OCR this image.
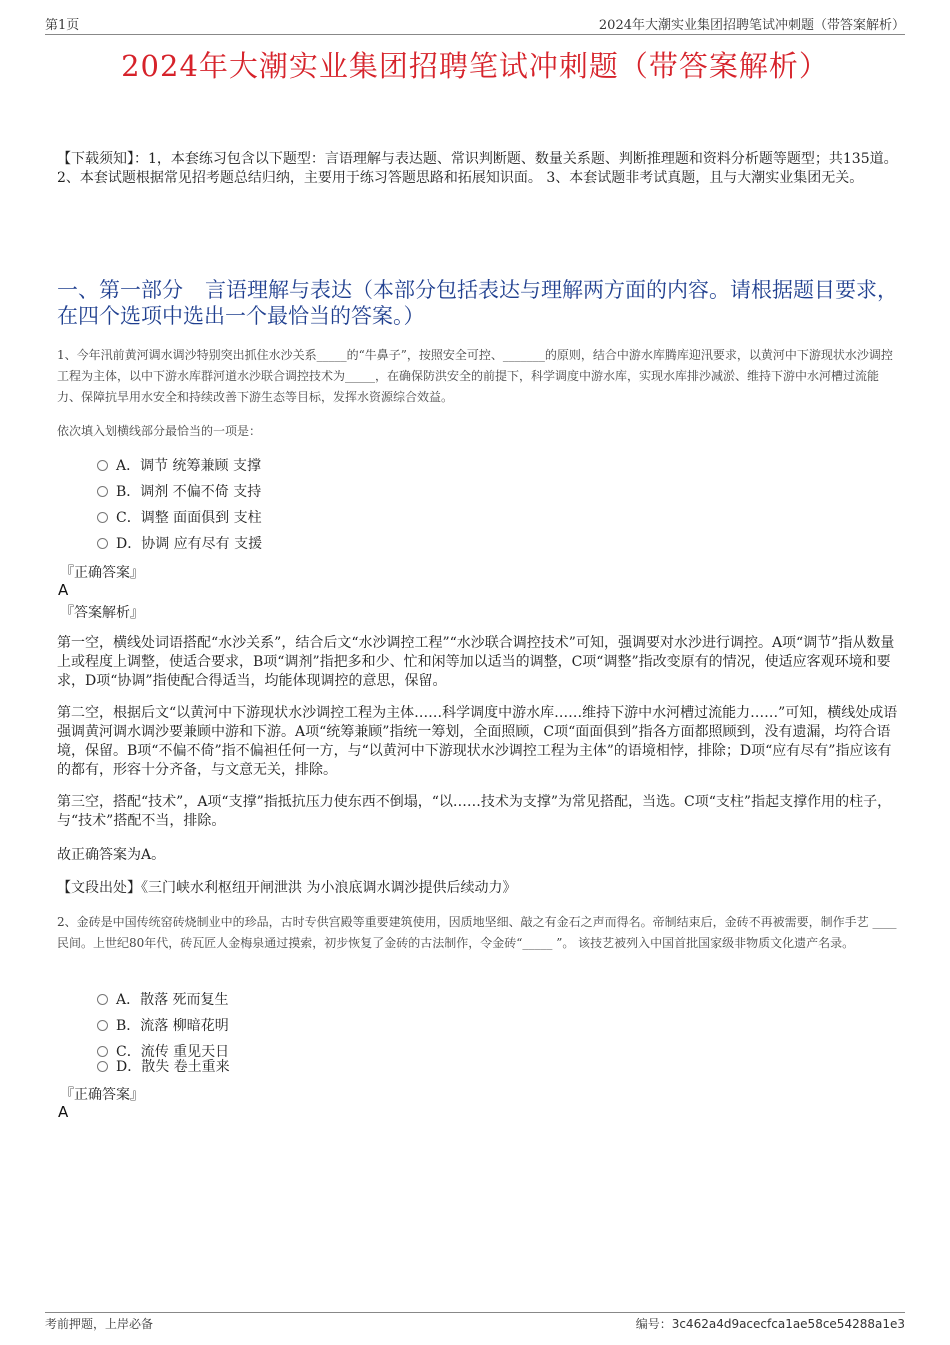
第1页	2024年大潮实业集团招聘笔试冲刺题（带答案解析）
2024年大潮实业集团招聘笔试冲刺题（带答案解析）
【下载须知】：1，本套练习包含以下题型：言语理解与表达题、常识判断题、数量关系题、判断推理题和资料分析题等题型；共135道。 2、本套试题根据常见招考题总结归纳，主要用于练习答题思路和拓展知识面。 3、本套试题非考试真题，且与大潮实业集团无关。
一、第一部分 言语理解与表达（本部分包括表达与理解两方面的内容。请根据题目要求，在四个选项中选出一个最恰当的答案。）
1、今年汛前黄河调水调沙特别突出抓住水沙关系_____的“牛鼻子”，按照安全可控、_______的原则，结合中游水库腾库迎汛要求，以黄河中下游现状水沙调控工程为主体，以中下游水库群河道水沙联合调控技术为_____，在确保防洪安全的前提下，科学调度中游水库，实现水库排沙减淤、维持下游中水河槽过流能力、保障抗旱用水安全和持续改善下游生态等目标，发挥水资源综合效益。
依次填入划横线部分最恰当的一项是：
A．调节 统筹兼顾 支撑
B．调剂 不偏不倚 支持
C．调整 面面俱到 支柱
D．协调 应有尽有 支援
『正确答案』
A
『答案解析』
第一空，横线处词语搭配“水沙关系”，结合后文“水沙调控工程”“水沙联合调控技术”可知，强调要对水沙进行调控。A项“调节”指从数量上或程度上调整，使适合要求，B项“调剂”指把多和少、忙和闲等加以适当的调整，C项“调整”指改变原有的情况，使适应客观环境和要求，D项“协调”指使配合得适当，均能体现调控的意思，保留。
第二空，根据后文“以黄河中下游现状水沙调控工程为主体……科学调度中游水库……维持下游中水河槽过流能力……”可知，横线处成语强调黄河调水调沙要兼顾中游和下游。A项“统筹兼顾”指统一筹划，全面照顾，C项“面面俱到”指各方面都照顾到，没有遗漏，均符合语境，保留。B项“不偏不倚”指不偏袒任何一方，与“以黄河中下游现状水沙调控工程为主体”的语境相悖，排除；D项“应有尽有”指应该有的都有，形容十分齐备，与文意无关，排除。
第三空，搭配“技术”，A项“支撑”指抵抗压力使东西不倒塌，“以……技术为支撑”为常见搭配，当选。C项“支柱”指起支撑作用的柱子，与“技术”搭配不当，排除。
故正确答案为A。
【文段出处】《三门峡水利枢纽开闸泄洪 为小浪底调水调沙提供后续动力》
2、金砖是中国传统窑砖烧制业中的珍品，古时专供宫殿等重要建筑使用，因质地坚细、敲之有金石之声而得名。帝制结束后，金砖不再被需要，制作手艺 ____民间。上世纪80年代，砖瓦匠人金梅泉通过摸索，初步恢复了金砖的古法制作，令金砖“_____ ”。 该技艺被列入中国首批国家级非物质文化遗产名录。
A．散落 死而复生
B．流落 柳暗花明
C．流传 重见天日
D．散失 卷土重来
『正确答案』
A
考前押题，上岸必备	编号：3c462a4d9acecfca1ae58ce54288a1e3
